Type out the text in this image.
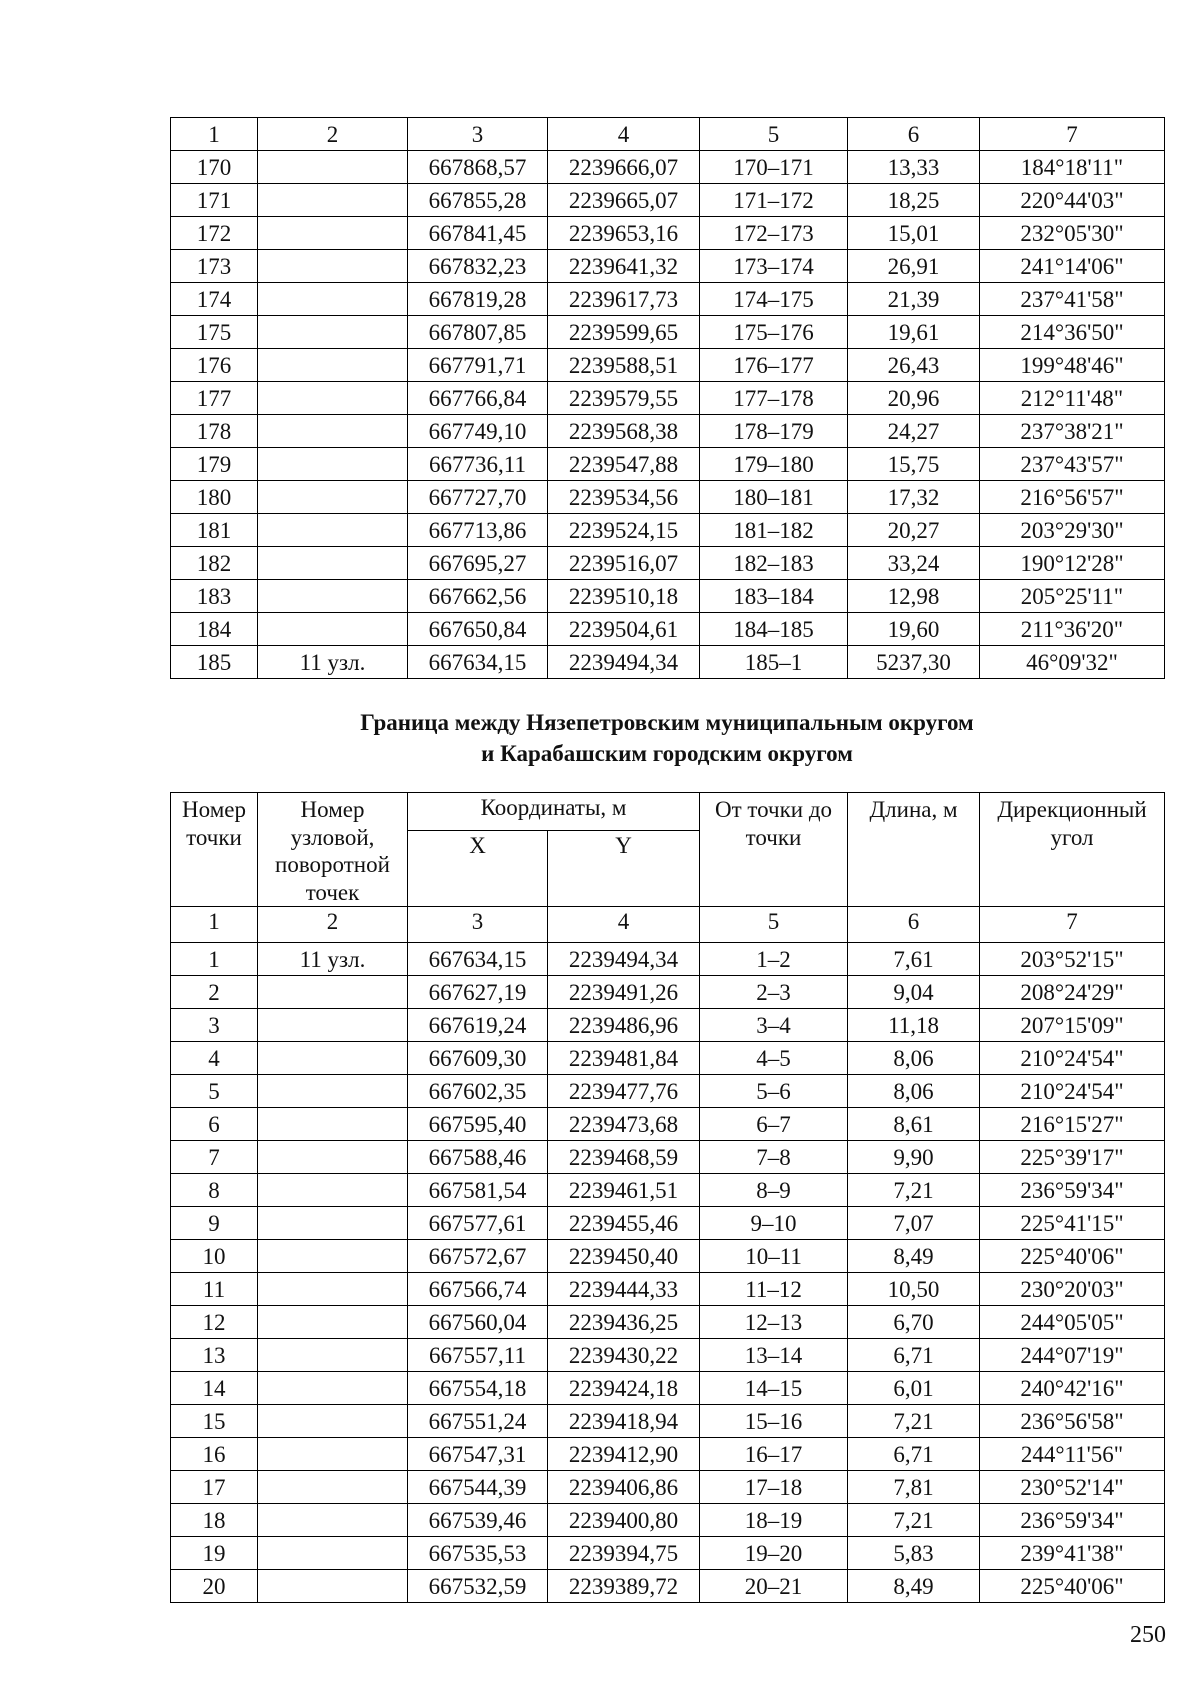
1	2	3	4	5	6	7
170		667868,57	2239666,07	170–171	13,33	184°18'11"
171		667855,28	2239665,07	171–172	18,25	220°44'03"
172		667841,45	2239653,16	172–173	15,01	232°05'30"
173		667832,23	2239641,32	173–174	26,91	241°14'06"
174		667819,28	2239617,73	174–175	21,39	237°41'58"
175		667807,85	2239599,65	175–176	19,61	214°36'50"
176		667791,71	2239588,51	176–177	26,43	199°48'46"
177		667766,84	2239579,55	177–178	20,96	212°11'48"
178		667749,10	2239568,38	178–179	24,27	237°38'21"
179		667736,11	2239547,88	179–180	15,75	237°43'57"
180		667727,70	2239534,56	180–181	17,32	216°56'57"
181		667713,86	2239524,15	181–182	20,27	203°29'30"
182		667695,27	2239516,07	182–183	33,24	190°12'28"
183		667662,56	2239510,18	183–184	12,98	205°25'11"
184		667650,84	2239504,61	184–185	19,60	211°36'20"
185	11 узл.	667634,15	2239494,34	185–1	5237,30	46°09'32"
Граница между Нязепетровским муниципальным округом
и Карабашским городским округом
Номер точки	Номер узловой, поворотной точек	Координаты, м		От точки до точки	Длина, м	Дирекционный угол
		X	Y			
1	2	3	4	5	6	7
1	11 узл.	667634,15	2239494,34	1–2	7,61	203°52'15"
2		667627,19	2239491,26	2–3	9,04	208°24'29"
3		667619,24	2239486,96	3–4	11,18	207°15'09"
4		667609,30	2239481,84	4–5	8,06	210°24'54"
5		667602,35	2239477,76	5–6	8,06	210°24'54"
6		667595,40	2239473,68	6–7	8,61	216°15'27"
7		667588,46	2239468,59	7–8	9,90	225°39'17"
8		667581,54	2239461,51	8–9	7,21	236°59'34"
9		667577,61	2239455,46	9–10	7,07	225°41'15"
10		667572,67	2239450,40	10–11	8,49	225°40'06"
11		667566,74	2239444,33	11–12	10,50	230°20'03"
12		667560,04	2239436,25	12–13	6,70	244°05'05"
13		667557,11	2239430,22	13–14	6,71	244°07'19"
14		667554,18	2239424,18	14–15	6,01	240°42'16"
15		667551,24	2239418,94	15–16	7,21	236°56'58"
16		667547,31	2239412,90	16–17	6,71	244°11'56"
17		667544,39	2239406,86	17–18	7,81	230°52'14"
18		667539,46	2239400,80	18–19	7,21	236°59'34"
19		667535,53	2239394,75	19–20	5,83	239°41'38"
20		667532,59	2239389,72	20–21	8,49	225°40'06"
250
